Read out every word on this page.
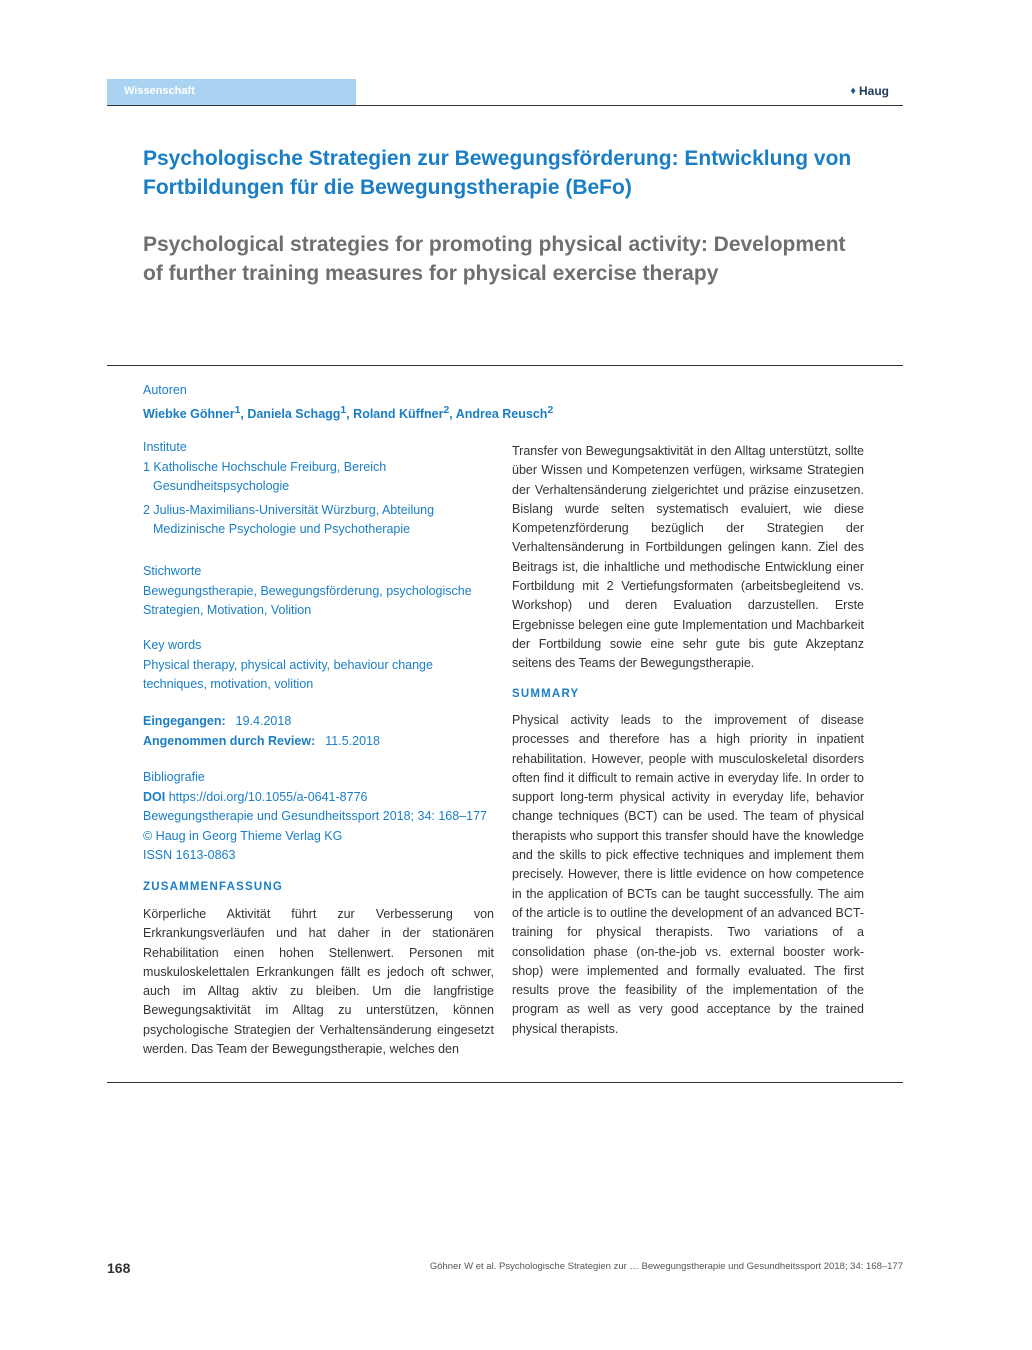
Wissenschaft	♦ Haug
Psychologische Strategien zur Bewegungsförderung: Entwicklung von Fortbildungen für die Bewegungstherapie (BeFo)
Psychological strategies for promoting physical activity: Development of further training measures for physical exercise therapy
Autoren
Wiebke Göhner$^1$, Daniela Schagg$^1$, Roland Küffner$^2$, Andrea Reusch$^2$
Institute
1 Katholische Hochschule Freiburg, Bereich Gesundheitspsychologie
2 Julius-Maximilians-Universität Würzburg, Abteilung Medizinische Psychologie und Psychotherapie
Stichworte
Bewegungstherapie, Bewegungsförderung, psychologische Strategien, Motivation, Volition
Key words
Physical therapy, physical activity, behaviour change techniques, motivation, volition
Eingegangen: 19.4.2018
Angenommen durch Review: 11.5.2018
Bibliografie
DOI https://doi.org/10.1055/a-0641-8776
Bewegungstherapie und Gesundheitssport 2018; 34: 168–177
© Haug in Georg Thieme Verlag KG
ISSN 1613-0863
ZUSAMMENFASSUNG

Körperliche Aktivität führt zur Verbesserung von Erkrankungsverläufen und hat daher in der stationären Rehabilitation einen hohen Stellenwert. Personen mit muskuloskelettalen Erkrankungen fällt es jedoch oft schwer, auch im Alltag aktiv zu bleiben. Um die langfristige Bewegungsaktivität im Alltag zu unterstützen, können psychologische Strategien der Verhaltensänderung eingesetzt werden. Das Team der Bewegungstherapie, welches den

Transfer von Bewegungsaktivität in den Alltag unterstützt, sollte über Wissen und Kompetenzen verfügen, wirksame Strategien der Verhaltensänderung zielgerichtet und präzise einzusetzen. Bislang wurde selten systematisch evaluiert, wie diese Kompetenzförderung bezüglich der Strategien der Verhaltensänderung in Fortbildungen gelingen kann. Ziel des Beitrags ist, die inhaltliche und methodische Entwicklung einer Fortbildung mit 2 Vertiefungsformaten (arbeitsbegleitend vs. Workshop) und deren Evaluation darzustellen. Erste Ergebnisse belegen eine gute Implementation und Machbarkeit der Fortbildung sowie eine sehr gute bis gute Akzeptanz seitens des Teams der Bewegungstherapie.

SUMMARY

Physical activity leads to the improvement of disease processes and therefore has a high priority in inpatient rehabilitation. However, people with musculoskeletal disorders often find it difficult to remain active in everyday life. In order to support long-term physical activity in everyday life, behavior change techniques (BCT) can be used. The team of physical therapists who support this transfer should have the knowledge and the skills to pick effective techniques and implement them precisely. However, there is little evidence on how competence in the application of BCTs can be taught successfully. The aim of the article is to outline the development of an advanced BCT-training for physical therapists. Two variations of a consolidation phase (on-the-job vs. external booster work-shop) were implemented and formally evaluated. The first results prove the feasibility of the implementation of the program as well as very good acceptance by the trained physical therapists.

168	Göhner W et al. Psychologische Strategien zur … Bewegungstherapie und Gesundheitssport 2018; 34: 168–177
